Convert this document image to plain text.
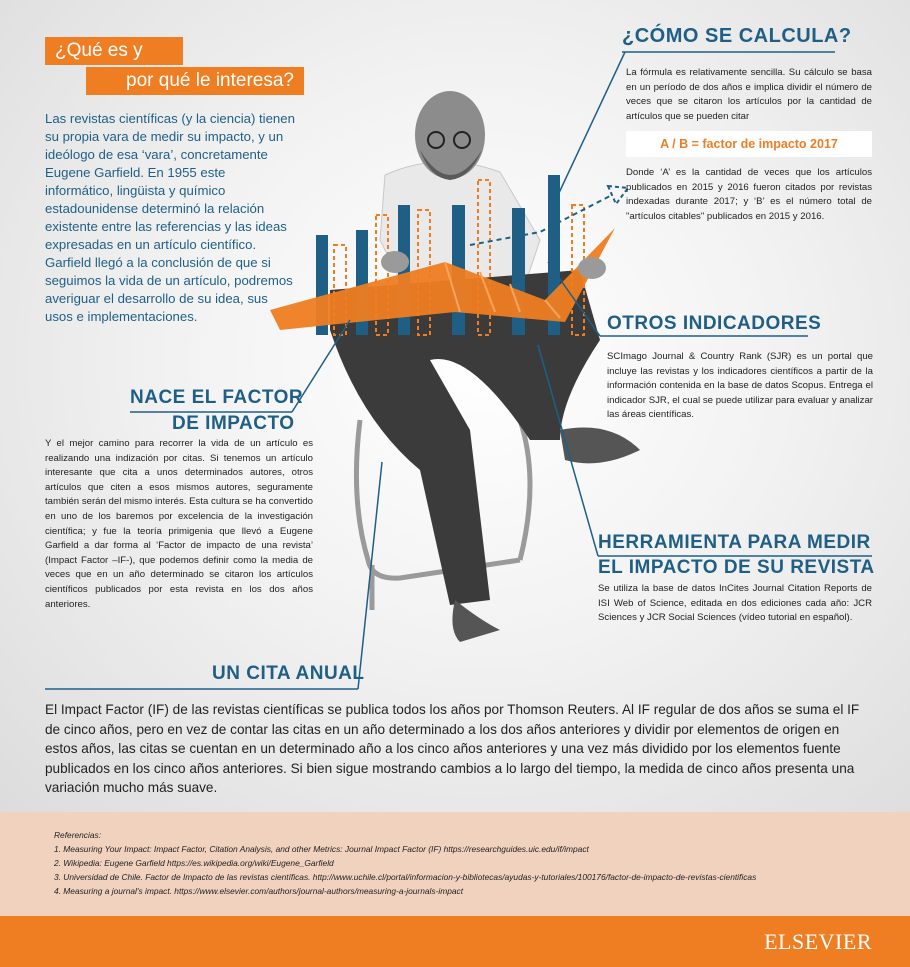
¿Qué es y
por qué le interesa?
Las revistas científicas (y la ciencia) tienen su propia vara de medir su impacto, y un ideólogo de esa ‘vara’, concretamente Eugene Garfield. En 1955 este informático, lingüista y químico estadounidense determinó la relación existente entre las referencias y las ideas expresadas en un artículo científico. Garfield llegó a la conclusión de que si seguimos la vida de un artículo, podremos averiguar el desarrollo de su idea, sus usos e implementaciones.
¿CÓMO SE CALCULA?
La fórmula es relativamente sencilla. Su cálculo se basa en un período de dos años e implica dividir el número de veces que se citaron los artículos por la cantidad de artículos que se pueden citar
A / B = factor de impacto 2017
Donde ‘A’ es la cantidad de veces que los artículos publicados en 2015 y 2016 fueron citados por revistas indexadas durante 2017; y ‘B’ es el número total de "artículos citables" publicados en 2015 y 2016.
OTROS INDICADORES
SCImago Journal & Country Rank (SJR) es un portal que incluye las revistas y los indicadores científicos a partir de la información contenida en la base de datos Scopus. Entrega el indicador SJR, el cual se puede utilizar para evaluar y analizar las áreas científicas.
NACE EL FACTOR
DE IMPACTO
Y el mejor camino para recorrer la vida de un artículo es realizando una indización por citas. Si tenemos un artículo interesante que cita a unos determinados autores, otros artículos que citen a esos mismos autores, seguramente también serán del mismo interés. Esta cultura se ha convertido en uno de los baremos por excelencia de la investigación científica; y fue la teoría primigenia que llevó a Eugene Garfield a dar forma al ‘Factor de impacto de una revista’ (Impact Factor –IF-), que podemos definir como la media de veces que en un año determinado se citaron los artículos científicos publicados por esta revista en los dos años anteriores.
HERRAMIENTA PARA MEDIR
EL IMPACTO DE SU REVISTA
Se utiliza la base de datos InCites Journal Citation Reports de ISI Web of Science, editada en dos ediciones cada año: JCR Sciences y JCR Social Sciences (vídeo tutorial en español).
UN CITA ANUAL
El Impact Factor (IF) de las revistas científicas se publica todos los años por Thomson Reuters. Al IF regular de dos años se suma el IF de cinco años, pero en vez de contar las citas en un año determinado a los dos años anteriores y dividir por elementos de origen en estos años, las citas se cuentan en un determinado año a los cinco años anteriores y una vez más dividido por los elementos fuente publicados en los cinco años anteriores. Si bien sigue mostrando cambios a lo largo del tiempo, la medida de cinco años presenta una variación mucho más suave.
Referencias:
1. Measuring Your Impact: Impact Factor, Citation Analysis, and other Metrics: Journal Impact Factor (IF) https://researchguides.uic.edu/if/impact
2. Wikipedia: Eugene Garfield https://es.wikipedia.org/wiki/Eugene_Garfield
3. Universidad de Chile. Factor de Impacto de las revistas científicas. http://www.uchile.cl/portal/informacion-y-bibliotecas/ayudas-y-tutoriales/100176/factor-de-impacto-de-revistas-cientificas
4. Measuring a journal's impact. https://www.elsevier.com/authors/journal-authors/measuring-a-journals-impact
ELSEVIER
